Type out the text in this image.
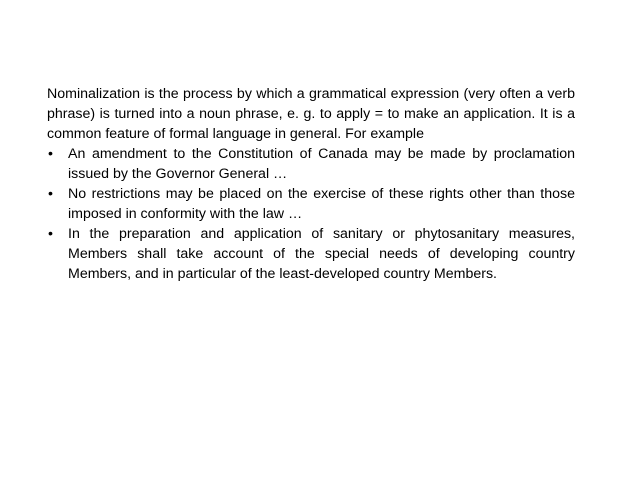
Nominalization is the process by which a grammatical expression (very often a verb phrase) is turned into a noun phrase, e. g. to apply = to make an application. It is a common feature of formal language in general. For example

• An amendment to the Constitution of Canada may be made by proclamation issued by the Governor General …
• No restrictions may be placed on the exercise of these rights other than those imposed in conformity with the law …
• In the preparation and application of sanitary or phytosanitary measures, Members shall take account of the special needs of developing country Members, and in particular of the least-developed country Members.
